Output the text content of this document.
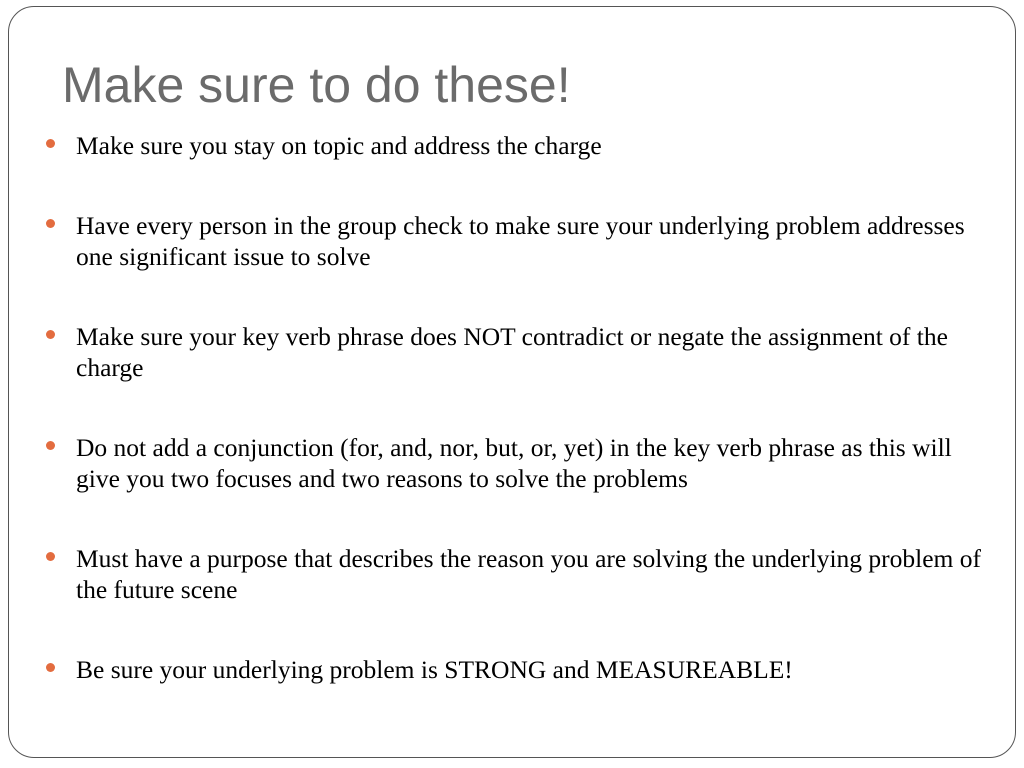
Make sure to do these!
Make sure you stay on topic and address the charge
Have every person in the group check to make sure your underlying problem addresses one significant issue to solve
Make sure your key verb phrase does NOT contradict or negate the assignment of the charge
Do not add a conjunction (for, and, nor, but, or, yet) in the key verb phrase as this will give you two focuses and two reasons to solve the problems
Must have a purpose that describes the reason you are solving the underlying problem of the future scene
Be sure your underlying problem is STRONG and MEASUREABLE!
